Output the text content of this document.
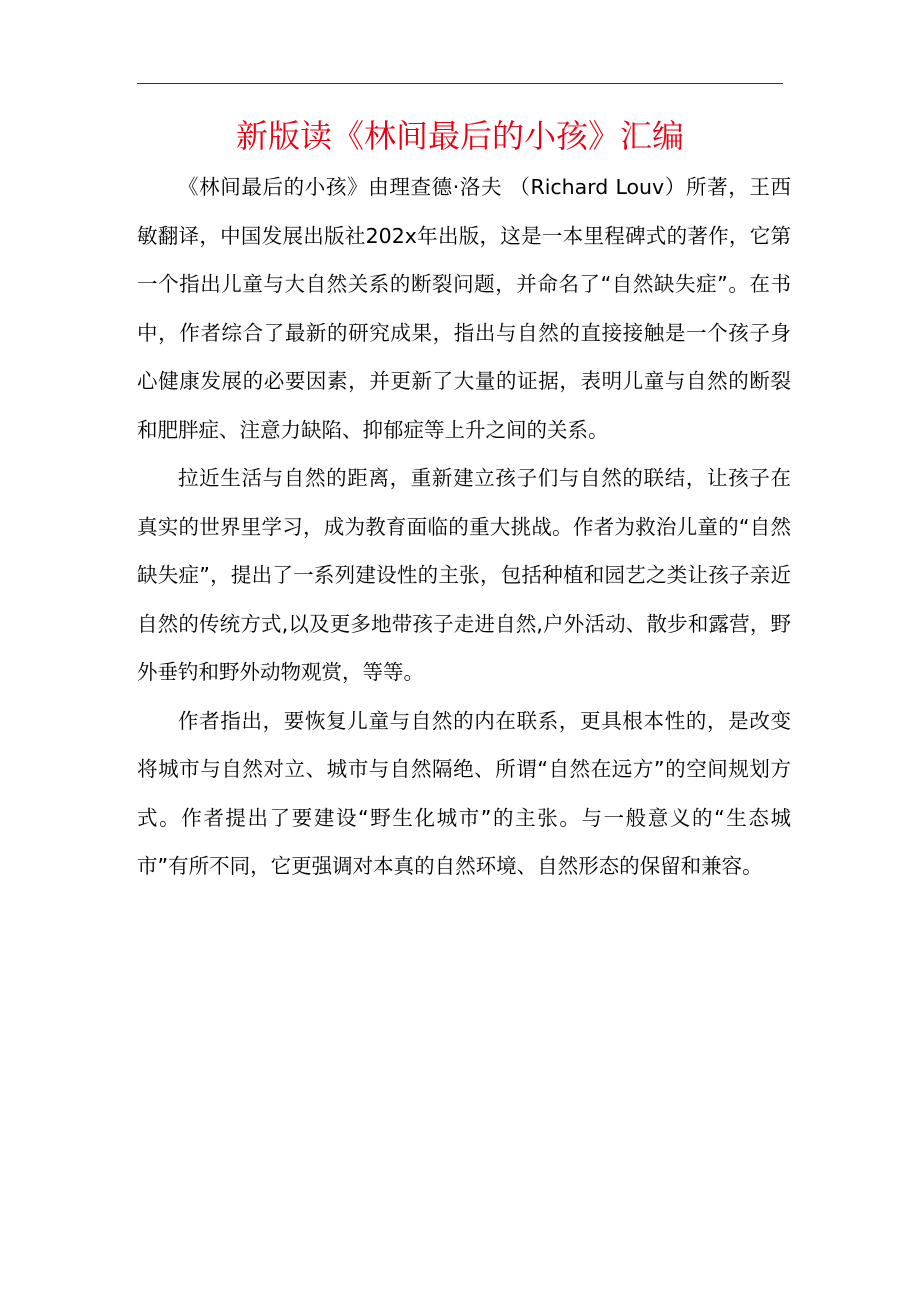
新版读《林间最后的小孩》汇编

《林间最后的小孩》由理查德·洛夫 （Richard Louv）所著，王西敏翻译，中国发展出版社202x年出版，这是一本里程碑式的著作，它第一个指出儿童与大自然关系的断裂问题，并命名了“自然缺失症”。在书中，作者综合了最新的研究成果，指出与自然的直接接触是一个孩子身心健康发展的必要因素，并更新了大量的证据，表明儿童与自然的断裂和肥胖症、注意力缺陷、抑郁症等上升之间的关系。

拉近生活与自然的距离，重新建立孩子们与自然的联结，让孩子在真实的世界里学习，成为教育面临的重大挑战。作者为救治儿童的“自然缺失症”，提出了一系列建设性的主张，包括种植和园艺之类让孩子亲近自然的传统方式,以及更多地带孩子走进自然,户外活动、散步和露营，野外垂钓和野外动物观赏，等等。

作者指出，要恢复儿童与自然的内在联系，更具根本性的，是改变将城市与自然对立、城市与自然隔绝、所谓“自然在远方”的空间规划方式。作者提出了要建设“野生化城市”的主张。与一般意义的“生态城市”有所不同，它更强调对本真的自然环境、自然形态的保留和兼容。
